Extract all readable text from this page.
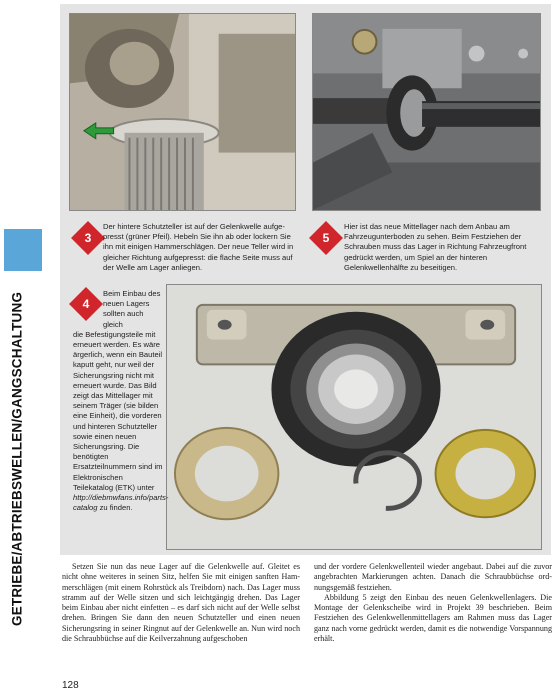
GETRIEBE/ABTRIEBSWELLEN/GANGSCHALTUNG
3	5
4
Der hintere Schutzteller ist auf der Gelenkwelle aufgepresst (grüner Pfeil). Hebeln Sie ihn ab oder lockern Sie ihn mit einigen Hammerschlägen. Der neue Teller wird in gleicher Richtung aufgepresst: die flache Seite muss auf der Welle am Lager anliegen.
Hier ist das neue Mittellager nach dem Anbau am Fahrzeugunterboden zu sehen. Beim Festziehen der Schrauben muss das Lager in Richtung Fahrzeugfront gedrückt werden, um Spiel an der hinteren Gelenkwellenhälfte zu beseitigen.
Beim Einbau des neuen Lagers sollten auch gleich
die Befestigungsteile mit erneuert werden. Es wäre ärgerlich, wenn ein Bauteil kaputt geht, nur weil der Sicherungsring nicht mit erneuert wurde. Das Bild zeigt das Mittellager mit seinem Träger (sie bilden eine Einheit), die vorderen und hinteren Schutzteller sowie einen neuen Sicherungsring. Die benötigten Ersatzteilnummern sind im Elektronischen Teilekatalog (ETK) unter http://diebmwfans.info/parts-catalog zu finden.

Setzen Sie nun das neue Lager auf die Gelenkwelle auf. Gleitet es nicht ohne weiteres in seinen Sitz, helfen Sie mit einigen sanften Hammerschlägen (mit einem Rohrstück als Treibdorn) nach. Das Lager muss stramm auf der Welle sitzen und sich leichtgängig drehen. Das Lager beim Einbau aber nicht einfetten – es darf sich nicht auf der Welle selbst drehen. Bringen Sie dann den neuen Schutzteller und einen neuen Sicherungsring in seiner Ringnut auf der Gelenkwelle an. Nun wird noch die Schraubbüchse auf die Keilverzahnung aufgeschoben

und der vordere Gelenkwellenteil wieder angebaut. Dabei auf die zuvor angebrachten Markierungen achten. Danach die Schraubbüchse ordnungsgemäß festziehen.

Abbildung 5 zeigt den Einbau des neuen Gelenkwellenlagers. Die Montage der Gelenkscheibe wird in Projekt 39 beschrieben. Beim Festziehen des Gelenkwellenmittellagers am Rahmen muss das Lager ganz nach vorne gedrückt werden, damit es die notwendige Vorspannung erhält.

128
